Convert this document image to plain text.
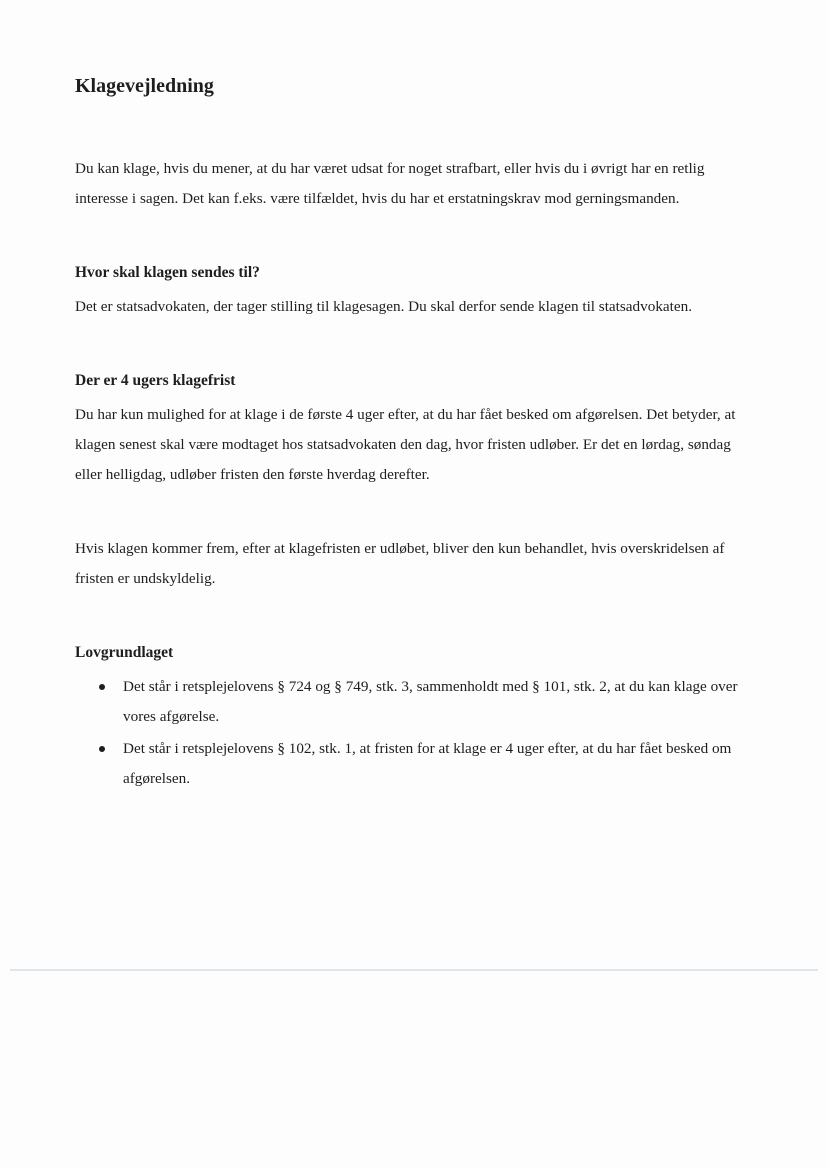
Klagevejledning

Du kan klage, hvis du mener, at du har været udsat for noget strafbart, eller hvis du i øvrigt har en retlig interesse i sagen. Det kan f.eks. være tilfældet, hvis du har et erstatningskrav mod gerningsmanden.

Hvor skal klagen sendes til?

Det er statsadvokaten, der tager stilling til klagesagen. Du skal derfor sende klagen til statsadvokaten.

Der er 4 ugers klagefrist

Du har kun mulighed for at klage i de første 4 uger efter, at du har fået besked om afgørelsen. Det betyder, at klagen senest skal være modtaget hos statsadvokaten den dag, hvor fristen udløber. Er det en lørdag, søndag eller helligdag, udløber fristen den første hverdag derefter.

Hvis klagen kommer frem, efter at klagefristen er udløbet, bliver den kun behandlet, hvis overskridelsen af fristen er undskyldelig.

Lovgrundlaget
Det står i retsplejelovens § 724 og § 749, stk. 3, sammenholdt med § 101, stk. 2, at du kan klage over vores afgørelse.
Det står i retsplejelovens § 102, stk. 1, at fristen for at klage er 4 uger efter, at du har fået besked om afgørelsen.
